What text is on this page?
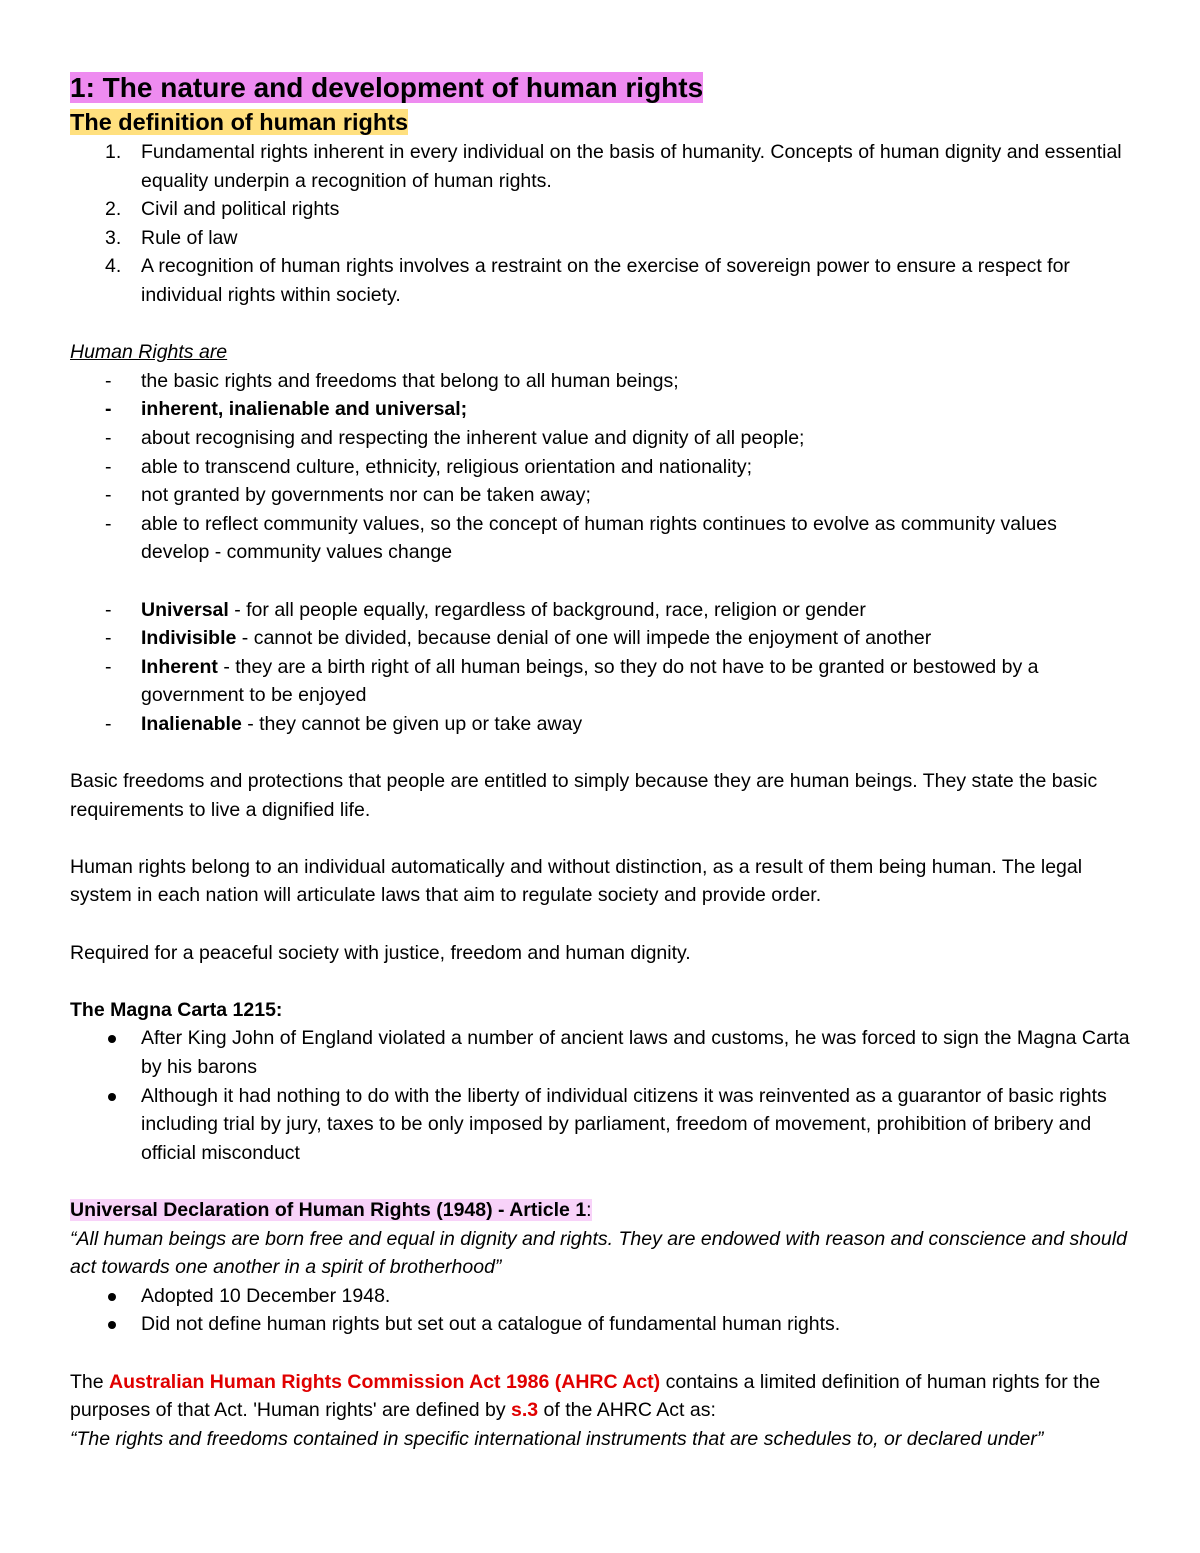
1: The nature and development of human rights
The definition of human rights
1. Fundamental rights inherent in every individual on the basis of humanity. Concepts of human dignity and essential equality underpin a recognition of human rights.
2. Civil and political rights
3. Rule of law
4. A recognition of human rights involves a restraint on the exercise of sovereign power to ensure a respect for individual rights within society.

Human Rights are

- the basic rights and freedoms that belong to all human beings;
- inherent, inalienable and universal;
- about recognising and respecting the inherent value and dignity of all people;
- able to transcend culture, ethnicity, religious orientation and nationality;
- not granted by governments nor can be taken away;
- able to reflect community values, so the concept of human rights continues to evolve as community values develop - community values change
- Universal - for all people equally, regardless of background, race, religion or gender
- Indivisible - cannot be divided, because denial of one will impede the enjoyment of another
- Inherent - they are a birth right of all human beings, so they do not have to be granted or bestowed by a government to be enjoyed
- Inalienable - they cannot be given up or take away

Basic freedoms and protections that people are entitled to simply because they are human beings. They state the basic requirements to live a dignified life.

Human rights belong to an individual automatically and without distinction, as a result of them being human. The legal system in each nation will articulate laws that aim to regulate society and provide order.

Required for a peaceful society with justice, freedom and human dignity.

The Magna Carta 1215:

After King John of England violated a number of ancient laws and customs, he was forced to sign the Magna Carta by his barons
Although it had nothing to do with the liberty of individual citizens it was reinvented as a guarantor of basic rights including trial by jury, taxes to be only imposed by parliament, freedom of movement, prohibition of bribery and official misconduct

Universal Declaration of Human Rights (1948) - Article 1:

“All human beings are born free and equal in dignity and rights. They are endowed with reason and conscience and should act towards one another in a spirit of brotherhood”

Adopted 10 December 1948.
Did not define human rights but set out a catalogue of fundamental human rights.

The Australian Human Rights Commission Act 1986 (AHRC Act) contains a limited definition of human rights for the purposes of that Act. 'Human rights' are defined by s.3 of the AHRC Act as:

“The rights and freedoms contained in specific international instruments that are schedules to, or declared under”
